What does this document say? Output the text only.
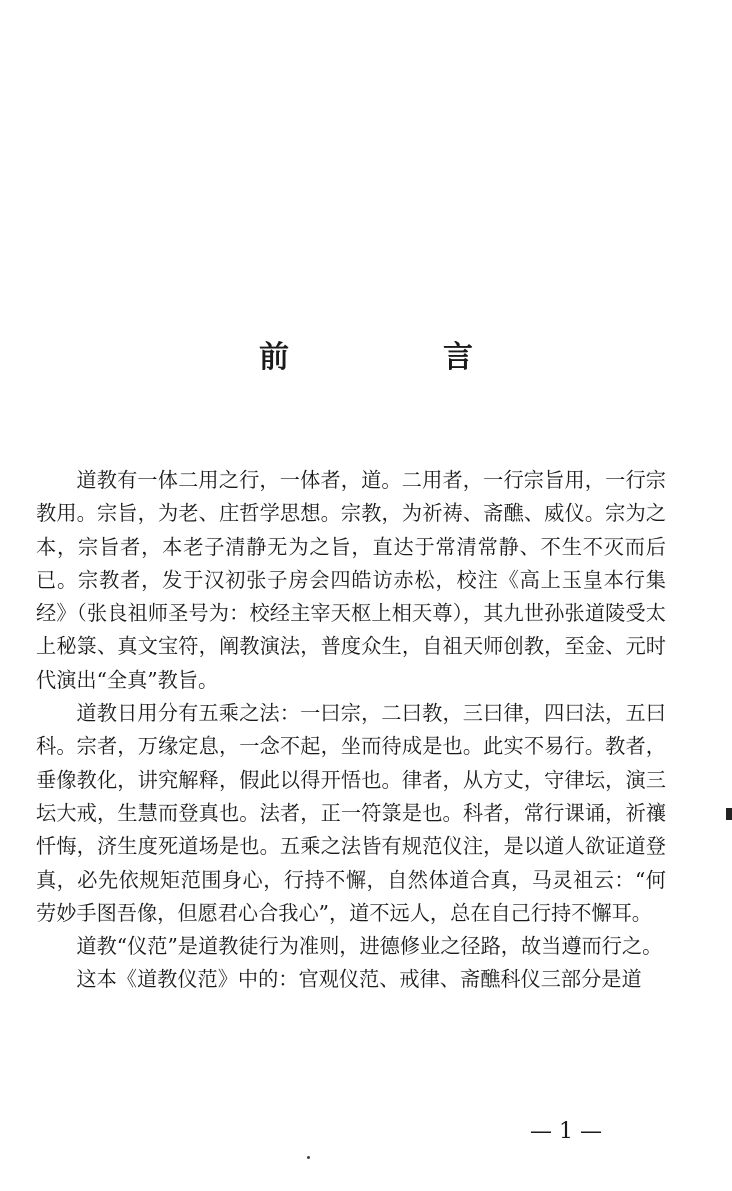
前　言

道教有一体二用之行，一体者，道。二用者，一行宗旨用，一行宗教用。宗旨，为老、庄哲学思想。宗教，为祈祷、斋醮、威仪。宗为之本，宗旨者，本老子清静无为之旨，直达于常清常静、不生不灭而后已。宗教者，发于汉初张子房会四皓访赤松，校注《高上玉皇本行集经》（张良祖师圣号为：校经主宰天枢上相天尊），其九世孙张道陵受太上秘箓、真文宝符，阐教演法，普度众生，自祖天师创教，至金、元时代演出“全真”教旨。

道教日用分有五乘之法：一曰宗，二曰教，三曰律，四曰法，五曰科。宗者，万缘定息，一念不起，坐而待成是也。此实不易行。教者，垂像教化，讲究解释，假此以得开悟也。律者，从方丈，守律坛，演三坛大戒，生慧而登真也。法者，正一符箓是也。科者，常行课诵，祈禳忏悔，济生度死道场是也。五乘之法皆有规范仪注，是以道人欲证道登真，必先依规矩范围身心，行持不懈，自然体道合真，马灵祖云：“何劳妙手图吾像，但愿君心合我心”，道不远人，总在自己行持不懈耳。

道教“仪范”是道教徒行为准则，进德修业之径路，故当遵而行之。

这本《道教仪范》中的：官观仪范、戒律、斋醮科仪三部分是道

— 1 —
